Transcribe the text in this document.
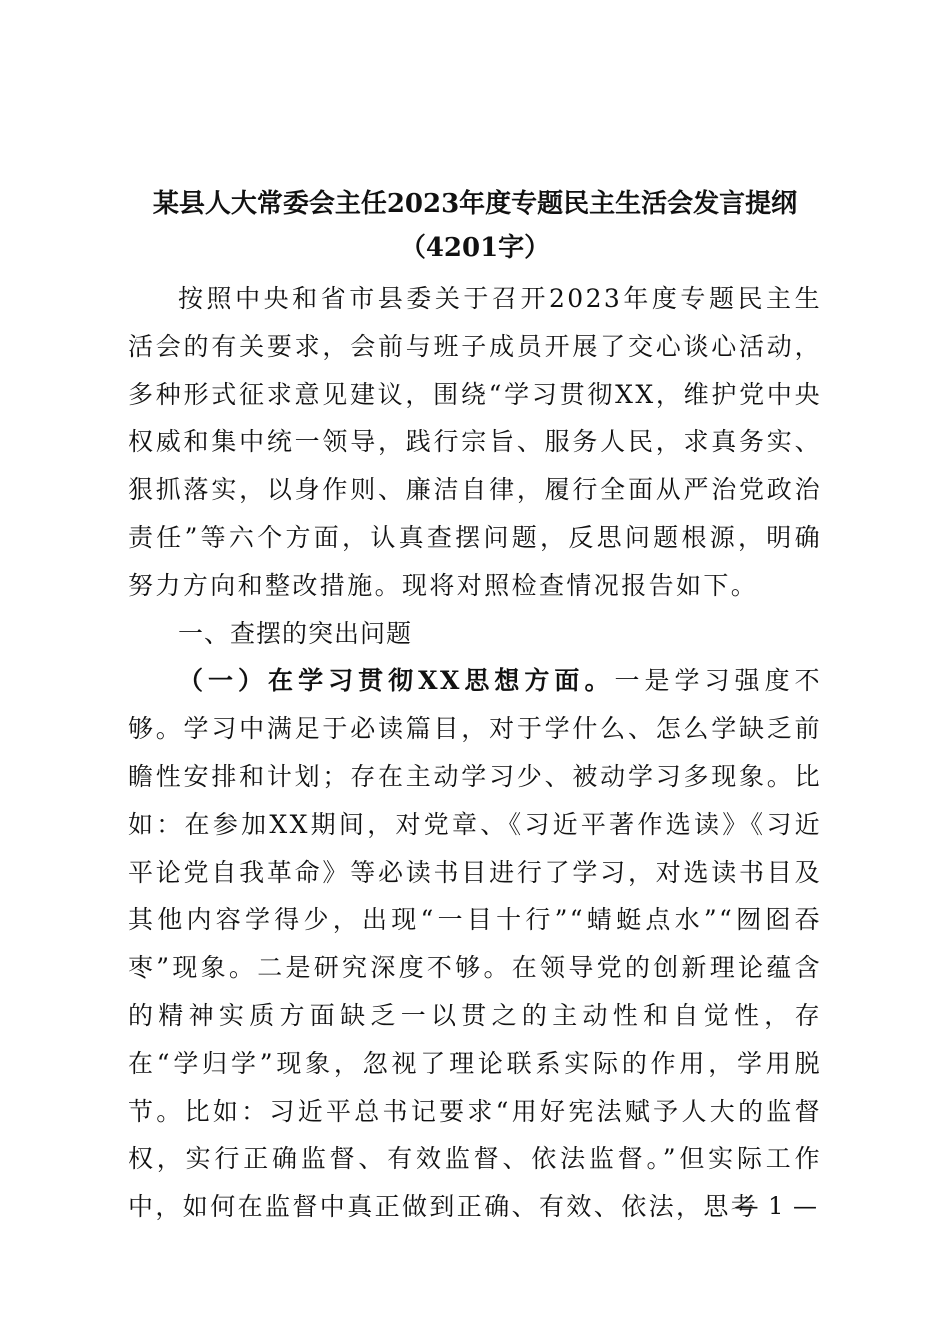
某县人大常委会主任2023年度专题民主生活会发言提纲（4201字）

按照中央和省市县委关于召开2023年度专题民主生活会的有关要求，会前与班子成员开展了交心谈心活动，多种形式征求意见建议，围绕“学习贯彻XX，维护党中央权威和集中统一领导，践行宗旨、服务人民，求真务实、狠抓落实，以身作则、廉洁自律，履行全面从严治党政治责任”等六个方面，认真查摆问题，反思问题根源，明确努力方向和整改措施。现将对照检查情况报告如下。

一、查摆的突出问题

（一）在学习贯彻XX思想方面。一是学习强度不够。学习中满足于必读篇目，对于学什么、怎么学缺乏前瞻性安排和计划；存在主动学习少、被动学习多现象。比如：在参加XX期间，对党章、《习近平著作选读》《习近平论党自我革命》等必读书目进行了学习，对选读书目及其他内容学得少，出现“一目十行”“蜻蜓点水”“囫囵吞枣”现象。二是研究深度不够。在领导党的创新理论蕴含的精神实质方面缺乏一以贯之的主动性和自觉性，存在“学归学”现象，忽视了理论联系实际的作用，学用脱节。比如：习近平总书记要求“用好宪法赋予人大的监督权，实行正确监督、有效监督、依法监督。”但实际工作中，如何在监督中真正做到正确、有效、依法，思考

— 1 —
